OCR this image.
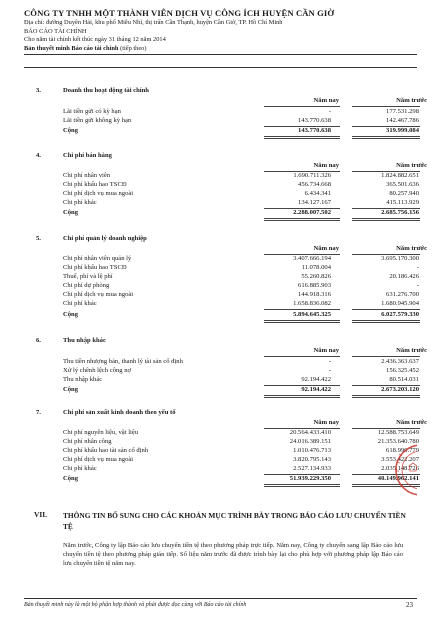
CÔNG TY TNHH MỘT THÀNH VIÊN DỊCH VỤ CÔNG ÍCH HUYỆN CẦN GIỜ
Địa chỉ: đường Duyên Hải, khu phố Miễu Nhì, thị trấn Cần Thạnh, huyện Cần Giờ, TP. Hồ Chí Minh
BÁO CÁO TÀI CHÍNH
Cho năm tài chính kết thúc ngày 31 tháng 12 năm 2014
Bản thuyết minh Báo cáo tài chính (tiếp theo)
3.	Doanh thu hoạt động tài chính
Năm nay	Năm trước
Lãi tiền gửi có kỳ hạn	-	177.531.298
Lãi tiền gửi không kỳ hạn	143.770.638	142.467.786
Cộng	143.770.638	319.999.084
4.	Chi phí bán hàng
Năm nay	Năm trước
Chi phí nhân viên	1.690.711.326	1.824.882.651
Chi phí khấu hao TSCĐ	456.734.668	365.501.636
Chi phí dịch vụ mua ngoài	6.434.341	80.257.940
Chi phí khác	134.127.167	415.113.929
Cộng	2.288.007.502	2.685.756.156
5.	Chi phí quản lý doanh nghiệp
Năm nay	Năm trước
Chi phí nhân viên quản lý	3.407.666.194	3.695.170.300
Chi phí khấu hao TSCĐ	11.078.004	-
Thuế, phí và lệ phí	55.260.826	20.186.426
Chi phí dự phòng	616.885.903	-
Chi phí dịch vụ mua ngoài	144.918.316	631.276.700
Chi phí khác	1.658.836.082	1.680.945.904
Cộng	5.894.645.325	6.027.579.330
6.	Thu nhập khác
Năm nay	Năm trước
Thu tiền nhượng bán, thanh lý tài sản cố định	-	2.436.363.637
Xử lý chênh lệch công nợ	-	156.325.452
Thu nhập khác	92.194.422	80.514.031
Cộng	92.194.422	2.673.203.120
7.	Chi phí sản xuất kinh doanh theo yếu tố
Năm nay	Năm trước
Chi phí nguyên liệu, vật liệu	20.564.433.410	12.588.753.649
Chi phí nhân công	24.016.389.151	21.353.640.780
Chi phí khấu hao tài sản cố định	1.010.476.713	618.996.779
Chi phí dịch vụ mua ngoài	3.820.795.143	3.553.422.207
Chi phí khác	2.527.134.933	2.035.148.726
Cộng	51.939.229.350	40.149.962.141
VII. THÔNG TIN BỔ SUNG CHO CÁC KHOẢN MỤC TRÌNH BÀY TRONG BÁO CÁO LƯU CHUYỂN TIỀN TỆ
Năm trước, Công ty lập Báo cáo lưu chuyển tiền tệ theo phương pháp trực tiếp. Năm nay, Công ty chuyển sang lập Báo cáo lưu chuyển tiền tệ theo phương pháp gián tiếp. Số liệu năm trước đã được trình bày lại cho phù hợp với phương pháp lập Báo cáo lưu chuyển tiền tệ năm nay.
Bản thuyết minh này là một bộ phận hợp thành và phải được đọc cùng với Báo cáo tài chính	23
